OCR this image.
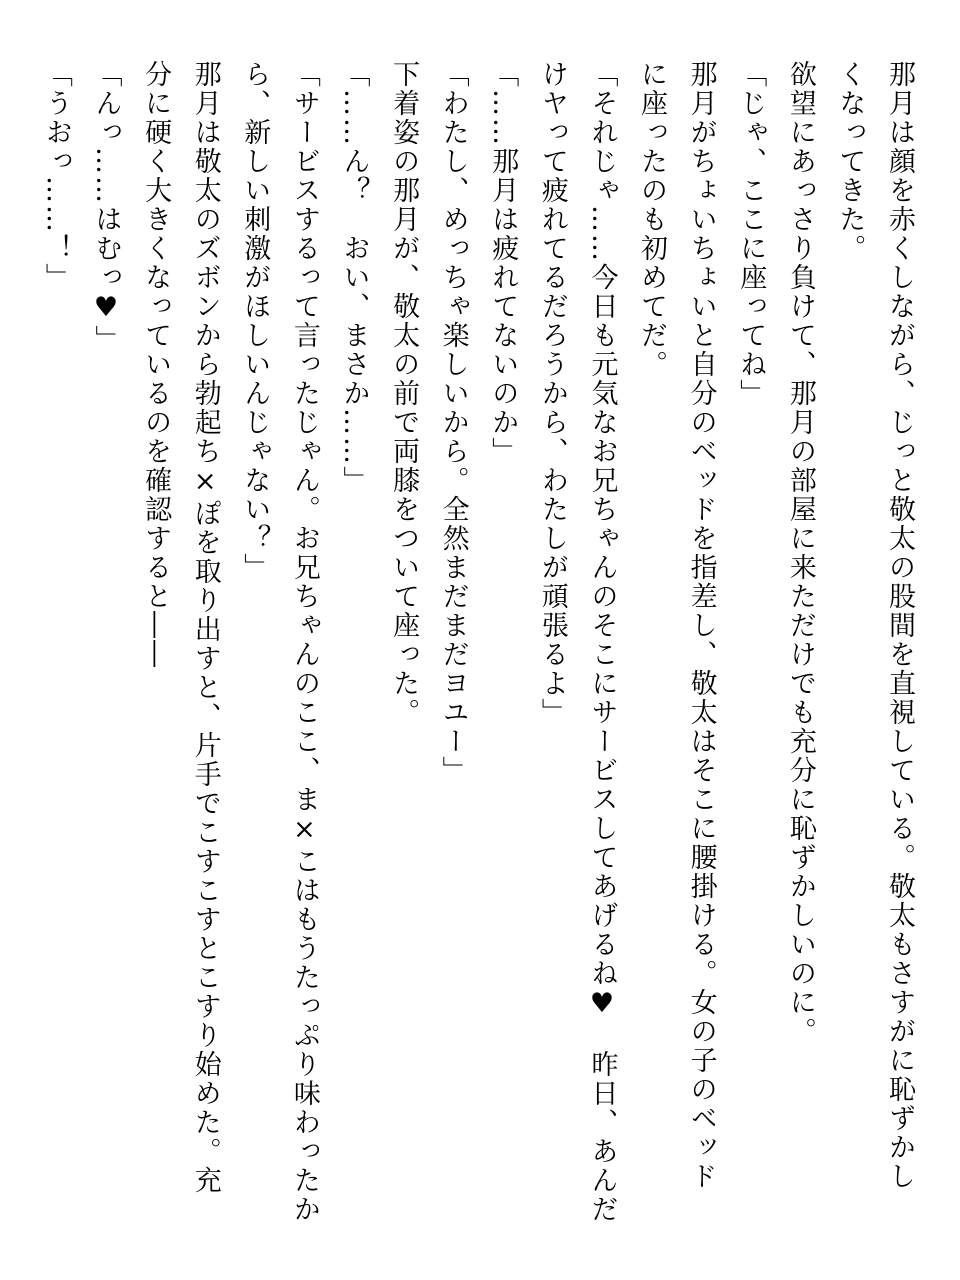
那月は顔を赤くしながら、じっと敬太の股間を直視している。敬太もさすがに恥ずかし
くなってきた。
欲望にあっさり負けて、那月の部屋に来ただけでも充分に恥ずかしいのに。
「じゃ、ここに座ってね」
那月がちょいちょいと自分のベッドを指差し、敬太はそこに腰掛ける。女の子のベッド
に座ったのも初めてだ。
「それじゃ……今日も元気なお兄ちゃんのそこにサービスしてあげるね♥　昨日、あんだ
けヤって疲れてるだろうから、わたしが頑張るよ」
「……那月は疲れてないのか」
「わたし、めっちゃ楽しいから。全然まだまだヨユー」
下着姿の那月が、敬太の前で両膝をついて座った。
「……ん？　おい、まさか……」
「サービスするって言ったじゃん。お兄ちゃんのここ、ま×こはもうたっぷり味わったか
ら、新しい刺激がほしいんじゃない？」
那月は敬太のズボンから勃起ち×ぽを取り出すと、片手でこすこすとこすり始めた。充
分に硬く大きくなっているのを確認すると――
「んっ……はむっ♥」
「うおっ……！」
